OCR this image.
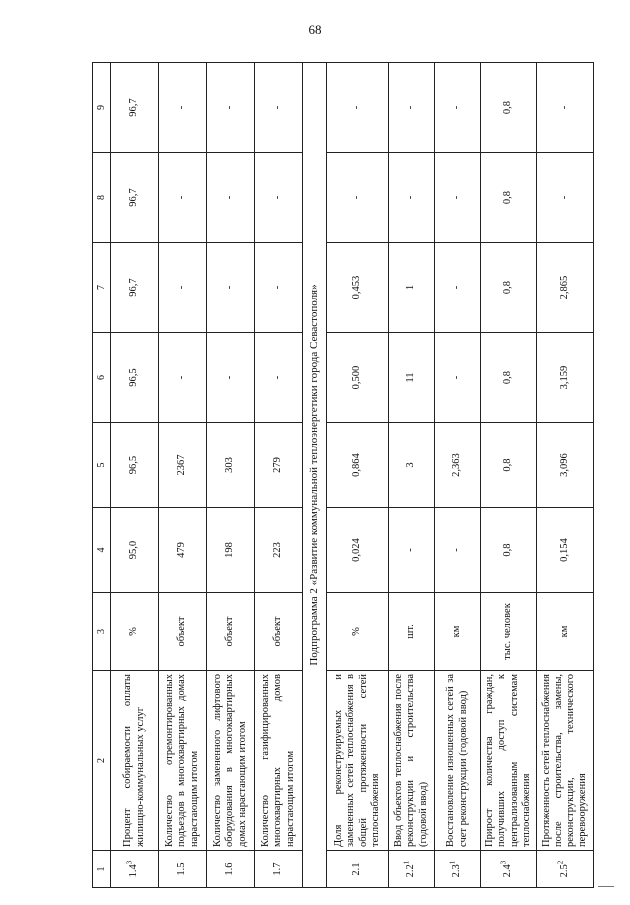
68
1	2	3	4	5	6	7	8	9
$1.4^3$	Процент собираемости оплаты жилищно-коммунальных услуг	%	95,0	96,5	96,5	96,7	96,7	96,7
1.5	Количество отремонтированных подъездов в многоквартирных домах нарастающим итогом	объект	479	2367	-	-	-	-
1.6	Количество замененного лифтового оборудования в многоквартирных домах нарастающим итогом	объект	198	303	-	-	-	-
1.7	Количество газифицированных многоквартирных домов нарастающим итогом	объект	223	279	-	-	-	-
Подпрограмма 2 «Развитие коммунальной теплоэнергетики города Севастополя»								
2.1	Доля реконструируемых и замененных сетей теплоснабжения в общей протяженности сетей теплоснабжения	%	0,024	0,864	0,500	0,453	-	-
$2.2^1$	Ввод объектов теплоснабжения после реконструкции и строительства (годовой ввод)	шт.	-	3	11	1	-	-
$2.3^1$	Восстановление изношенных сетей за счет реконструкции (годовой ввод)	км	-	2,363	-	-	-	-
$2.4^3$	Прирост количества граждан, получивших доступ к централизованным системам теплоснабжения	тыс. человек	0,8	0,8	0,8	0,8	0,8	0,8
$2.5^2$	Протяженность сетей теплоснабжения после строительства, замены, реконструкции, технического перевооружения	км	0,154	3,096	3,159	2,865	-	-
